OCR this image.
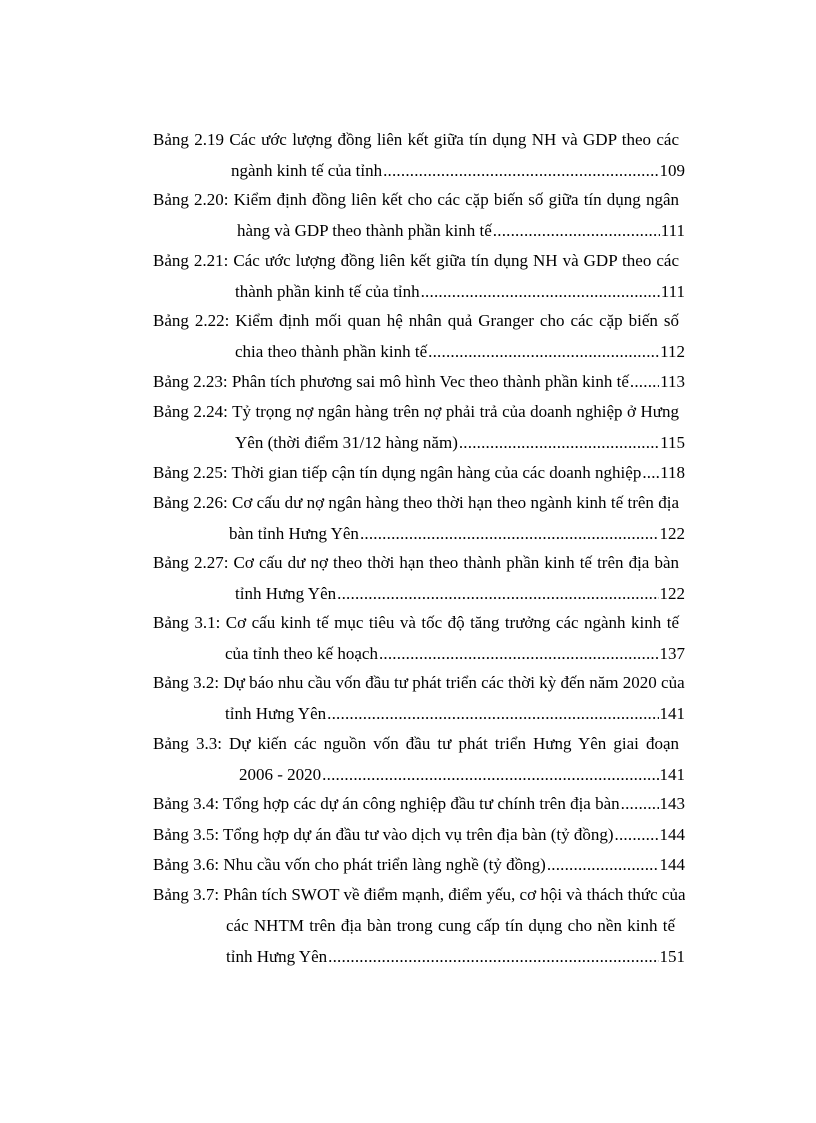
Bảng 2.19 Các ước lượng đồng liên kết giữa tín dụng NH và GDP theo các
ngành kinh tế của tỉnh .....	109
Bảng 2.20: Kiểm định đồng liên kết cho các cặp biến số giữa tín dụng ngân
hàng và GDP theo thành phần kinh tế .....	111
Bảng 2.21: Các ước lượng đồng liên kết giữa tín dụng NH và GDP theo các
thành phần kinh tế của tỉnh .....	111
Bảng 2.22: Kiểm định mối quan hệ nhân quả Granger cho các cặp biến số
chia theo thành phần kinh tế .....	112
Bảng 2.23: Phân tích phương sai mô hình Vec theo thành phần kinh tế ..... 113
Bảng 2.24: Tỷ trọng nợ ngân hàng trên nợ phải trả của doanh nghiệp ở Hưng
Yên (thời điểm 31/12 hàng năm) .....	115
Bảng 2.25: Thời gian tiếp cận tín dụng ngân hàng của các doanh nghiệp ..... 118
Bảng 2.26: Cơ cấu dư nợ ngân hàng theo thời hạn theo ngành kinh tế trên địa
bàn tỉnh Hưng Yên .....	122
Bảng 2.27: Cơ cấu dư nợ theo thời hạn theo thành phần kinh tế trên địa bàn
tỉnh Hưng Yên .....	122
Bảng 3.1: Cơ cấu kinh tế mục tiêu và tốc độ tăng trưởng các ngành kinh tế
của tỉnh theo kế hoạch .....	137
Bảng 3.2: Dự báo nhu cầu vốn đầu tư phát triển các thời kỳ đến năm 2020 của
tỉnh Hưng Yên .....	141
Bảng 3.3: Dự kiến các nguồn vốn đầu tư phát triển Hưng Yên giai đoạn
2006 - 2020 .....	141
Bảng 3.4: Tổng hợp các dự án công nghiệp đầu tư chính trên địa bàn ..... 143
Bảng 3.5: Tổng hợp dự án đầu tư vào dịch vụ trên địa bàn (tỷ đồng) .....	144
Bảng 3.6: Nhu cầu vốn cho phát triển làng nghề (tỷ đồng) .....	144
Bảng 3.7: Phân tích SWOT về điểm mạnh, điểm yếu, cơ hội và thách thức của
các NHTM trên địa bàn trong cung cấp tín dụng cho nền kinh tế
tỉnh Hưng Yên .....	151
